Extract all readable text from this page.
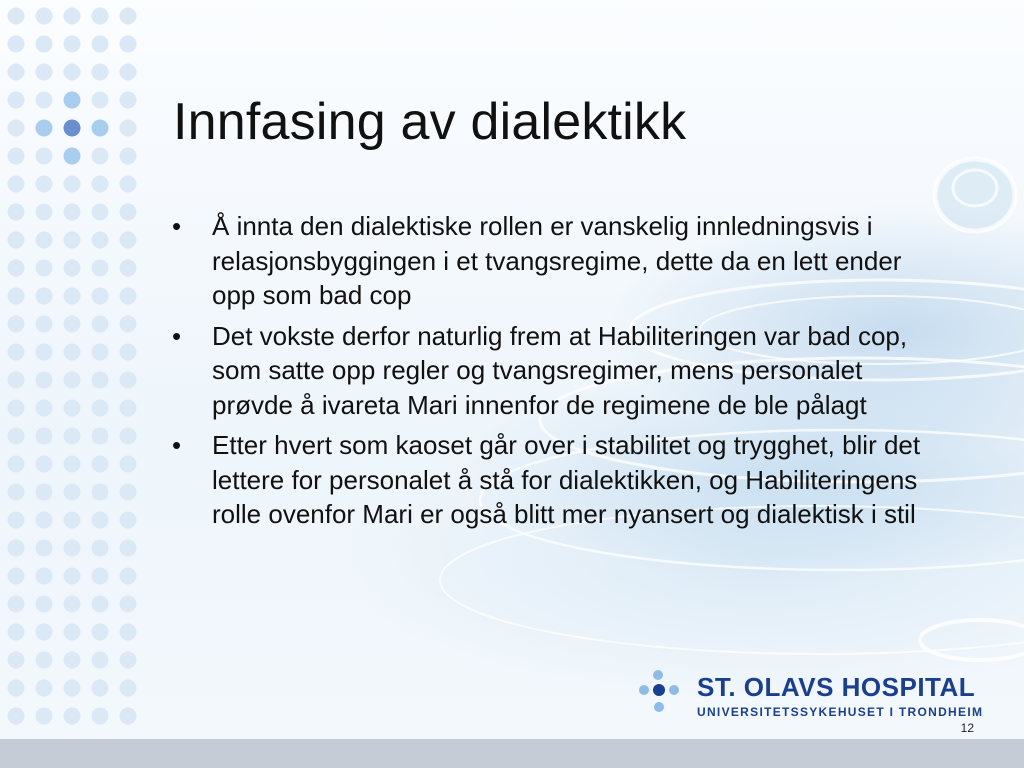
Innfasing av dialektikk
• Å innta den dialektiske rollen er vanskelig innledningsvis i relasjonsbyggingen i et tvangsregime, dette da en lett ender opp som bad cop
• Det vokste derfor naturlig frem at Habiliteringen var bad cop, som satte opp regler og tvangsregimer, mens personalet prøvde å ivareta Mari innenfor de regimene de ble pålagt
• Etter hvert som kaoset går over i stabilitet og trygghet, blir det lettere for personalet å stå for dialektikken, og Habiliteringens rolle ovenfor Mari er også blitt mer nyansert og dialektisk i stil
ST. OLAVS HOSPITAL
UNIVERSITETSSYKEHUSET I TRONDHEIM
12
